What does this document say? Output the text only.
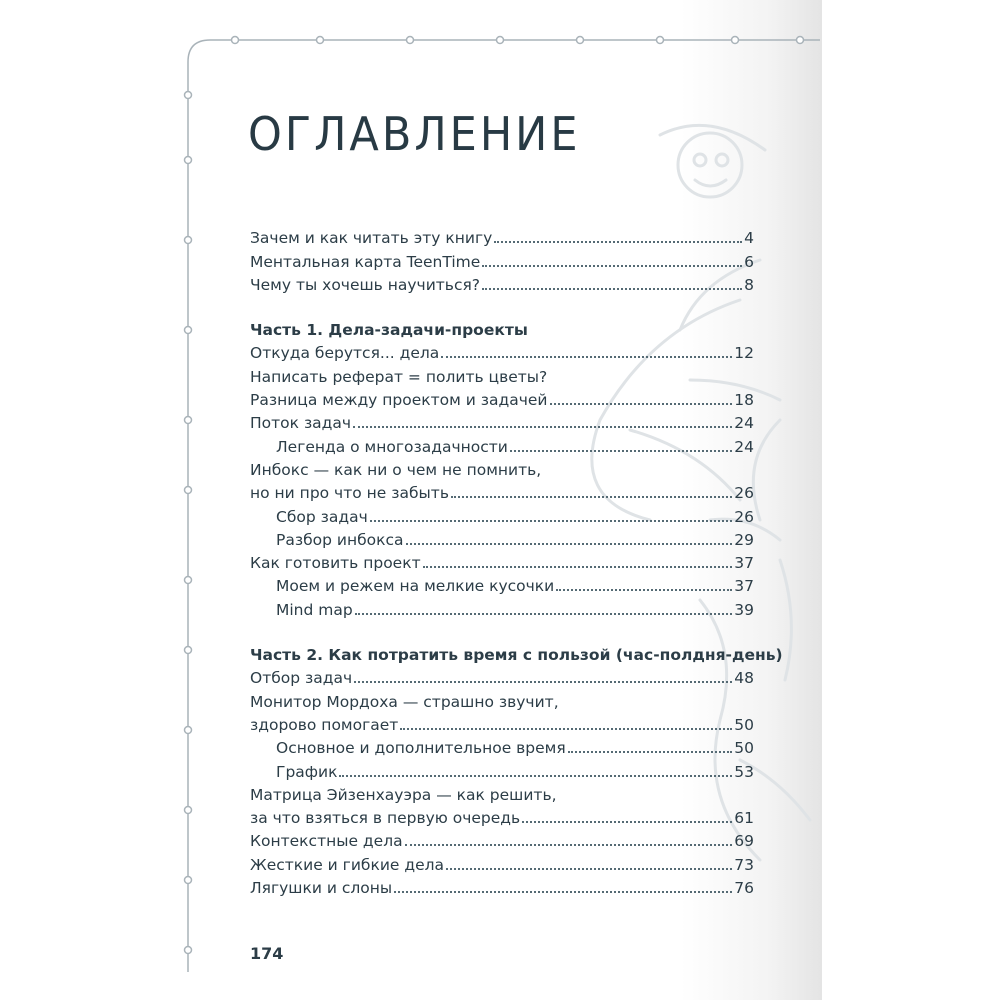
ОГЛАВЛЕНИЕ
Зачем и как читать эту книгу	4
Ментальная карта TeenTime	6
Чему ты хочешь научиться?	8
Часть 1. Дела-задачи-проекты
Откуда берутся... дела	12
Написать реферат = полить цветы?
Разница между проектом и задачей	18
Поток задач	24
Легенда о многозадачности	24
Инбокс — как ни о чем не помнить,
но ни про что не забыть	26
Сбор задач	26
Разбор инбокса	29
Как готовить проект	37
Моем и режем на мелкие кусочки	37
Mind map	39
Часть 2. Как потратить время с пользой (час-полдня-день)
Отбор задач	48
Монитор Мордоха — страшно звучит,
здорово помогает	50
Основное и дополнительное время	50
График	53
Матрица Эйзенхауэра — как решить,
за что взяться в первую очередь	61
Контекстные дела	69
Жесткие и гибкие дела	73
Лягушки и слоны	76
174
